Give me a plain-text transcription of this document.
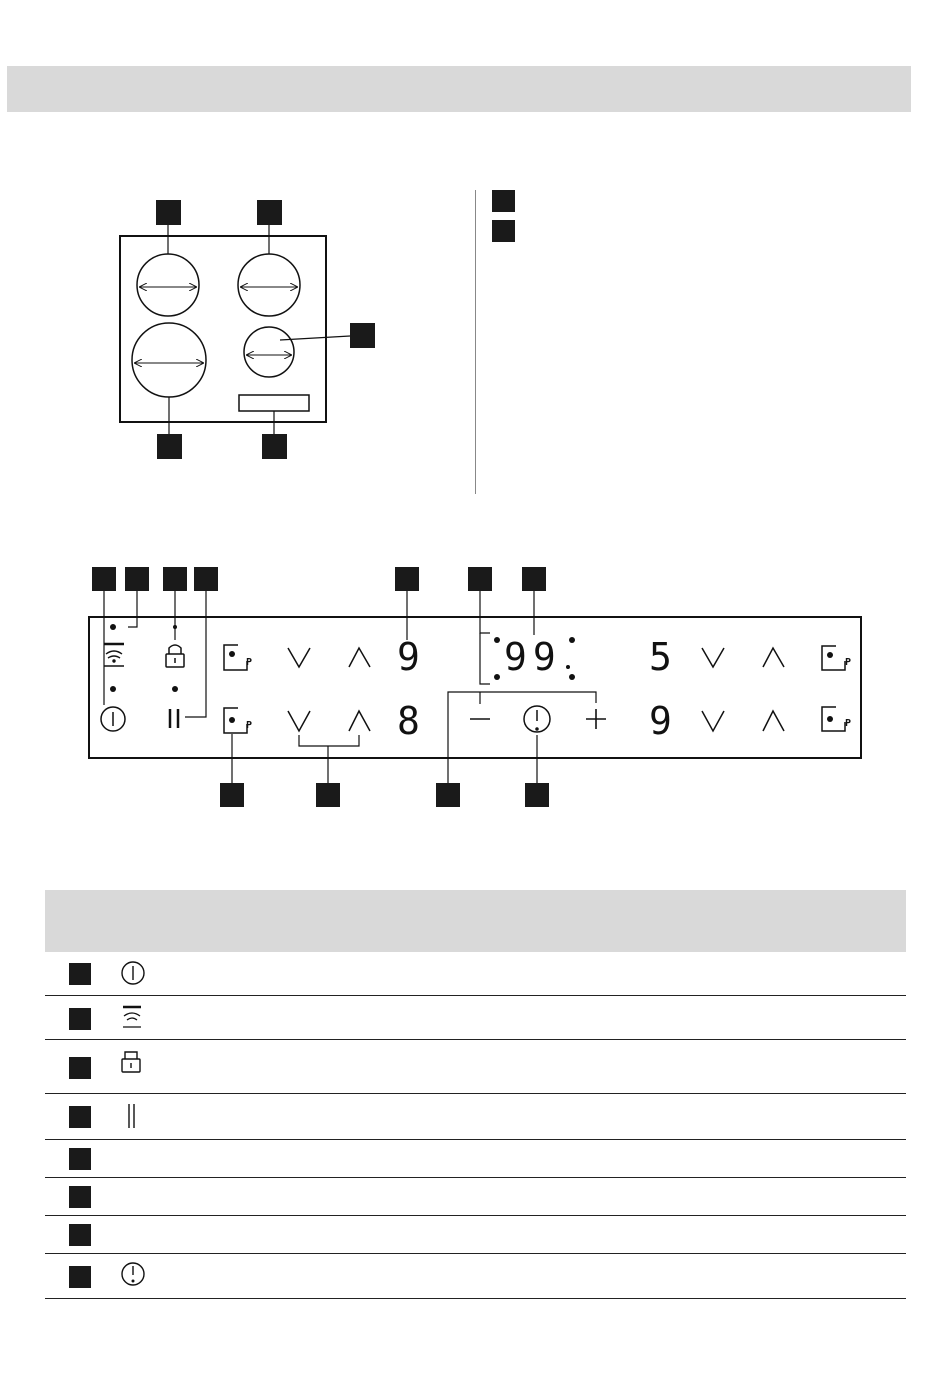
9
8
99 5
9
P
P
P
P
